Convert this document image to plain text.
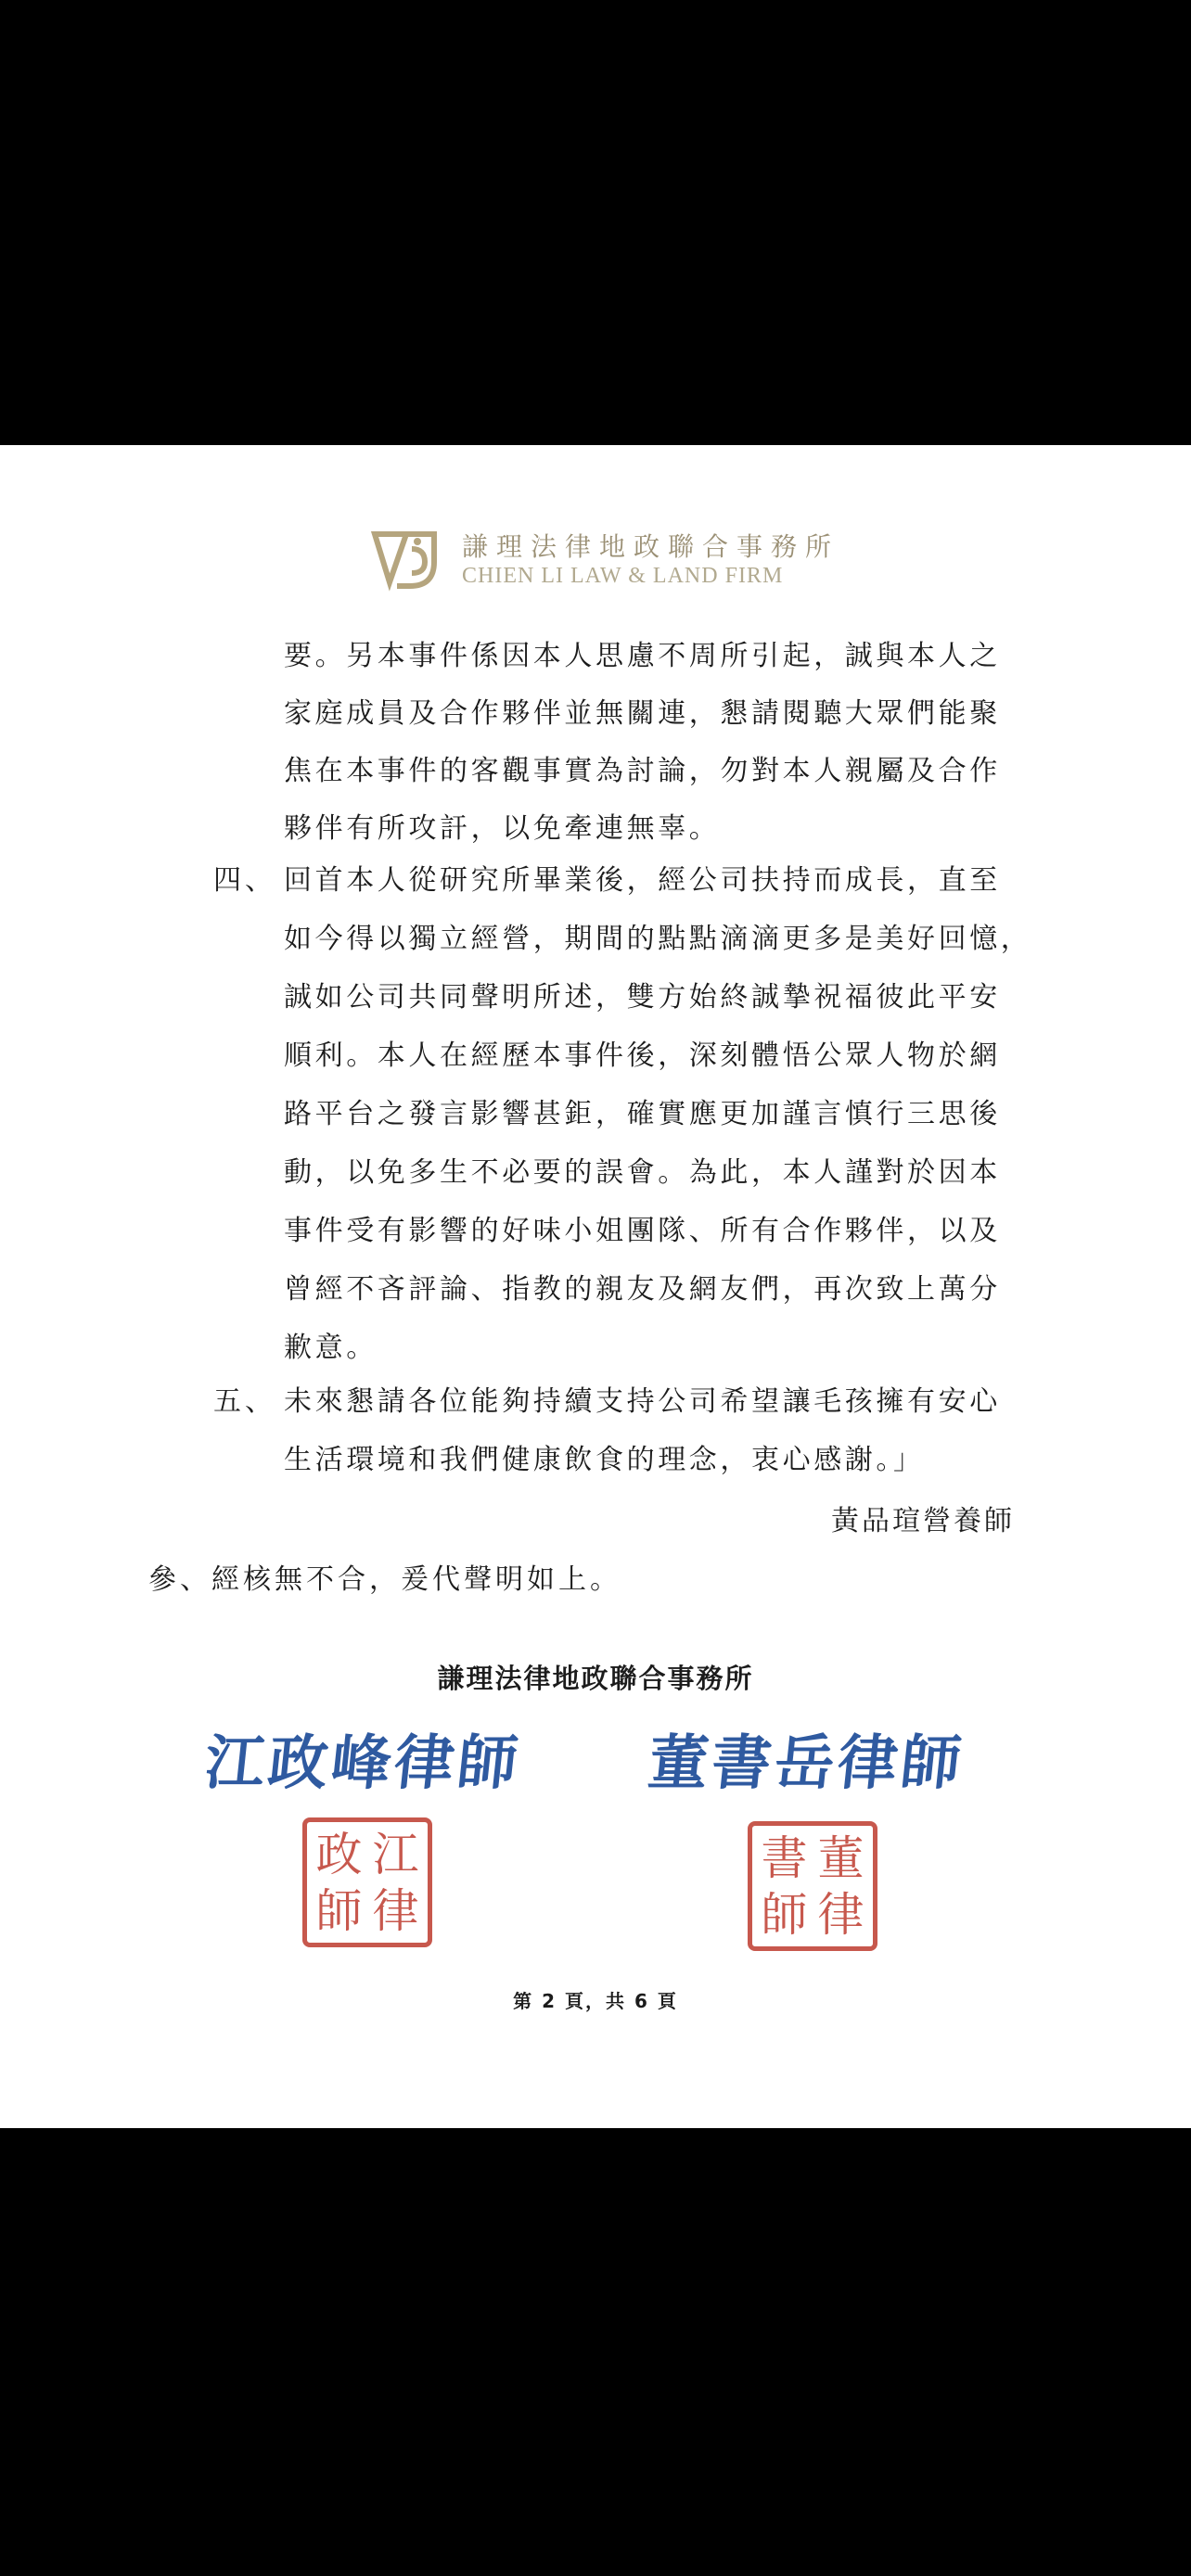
謙理法律地政聯合事務所
CHIEN LI LAW & LAND FIRM
要。另本事件係因本人思慮不周所引起，誠與本人之
家庭成員及合作夥伴並無關連，懇請閱聽大眾們能聚
焦在本事件的客觀事實為討論，勿對本人親屬及合作
夥伴有所攻訐，以免牽連無辜。
四、 回首本人從研究所畢業後，經公司扶持而成長，直至
如今得以獨立經營，期間的點點滴滴更多是美好回憶，
誠如公司共同聲明所述，雙方始終誠摯祝福彼此平安
順利。本人在經歷本事件後，深刻體悟公眾人物於網
路平台之發言影響甚鉅，確實應更加謹言慎行三思後
動，以免多生不必要的誤會。為此，本人謹對於因本
事件受有影響的好味小姐團隊、所有合作夥伴，以及
曾經不吝評論、指教的親友及網友們，再次致上萬分
歉意。
五、 未來懇請各位能夠持續支持公司希望讓毛孩擁有安心
生活環境和我們健康飲食的理念，衷心感謝。」
黃品瑄營養師
參、經核無不合，爰代聲明如上。
謙理法律地政聯合事務所
江政峰律師 董書岳律師
政 江
師 律
書 董
師 律
第 2 頁，共 6 頁
